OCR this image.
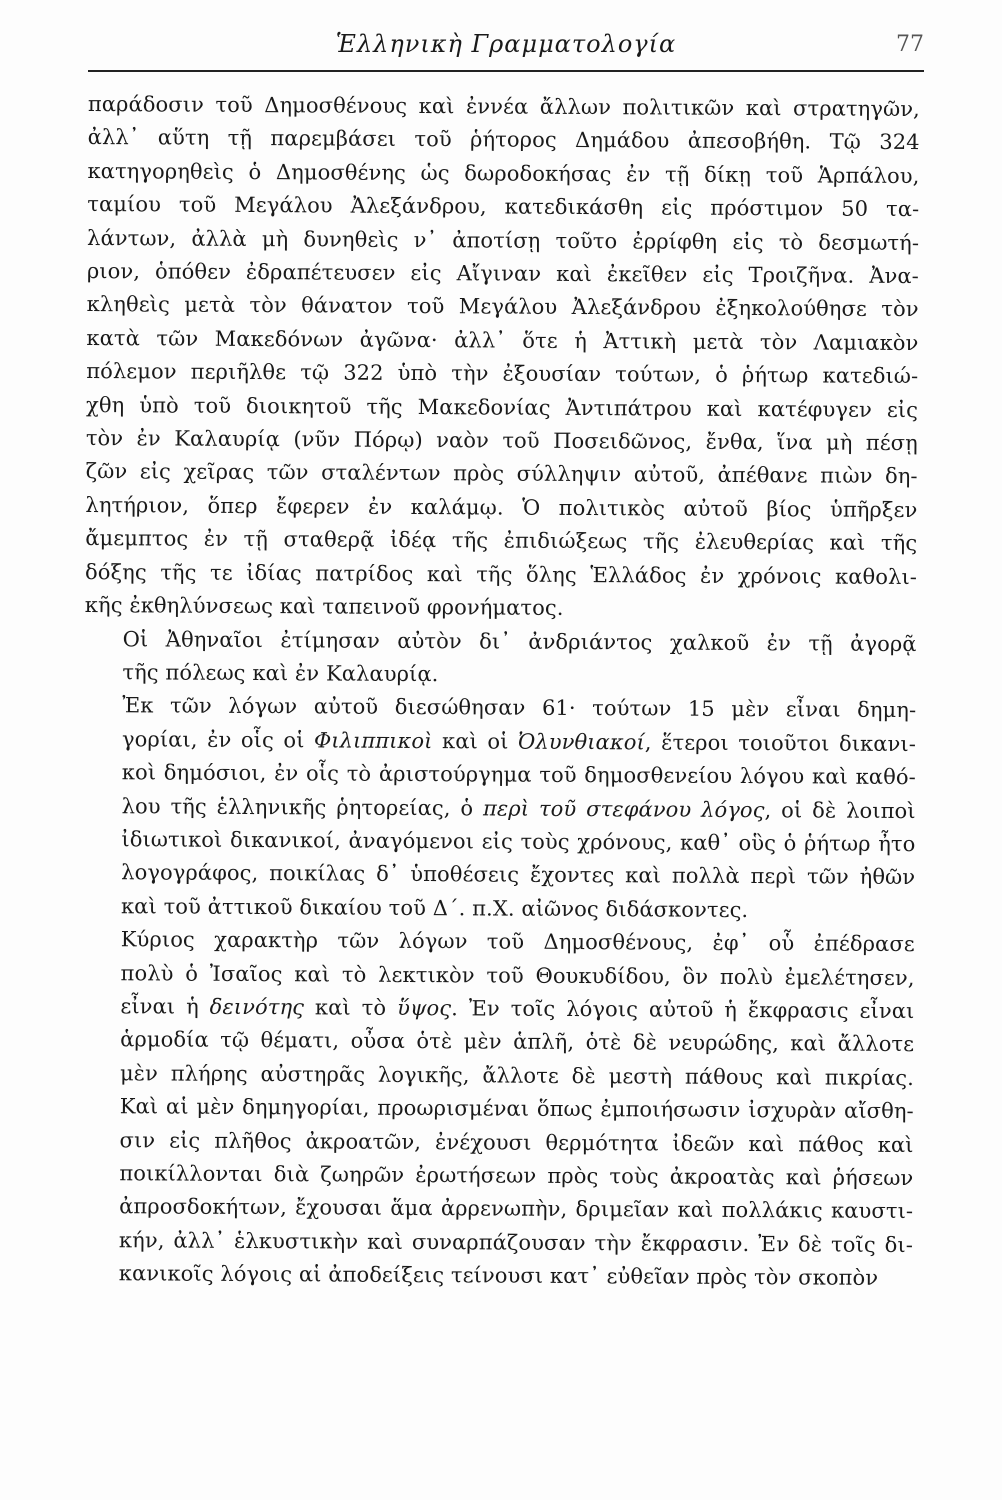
Ἑλληνικὴ Γραμματολογία	77
παράδοσιν τοῦ Δημοσθένους καὶ ἐννέα ἄλλων πολιτικῶν καὶ στρατηγῶν,
ἀλλ᾽ αὕτη τῇ παρεμβάσει τοῦ ῥήτορος Δημάδου ἀπεσοβήθη. Τῷ 324
κατηγορηθεὶς ὁ Δημοσθένης ὡς δωροδοκήσας ἐν τῇ δίκῃ τοῦ Ἁρπάλου,
ταμίου τοῦ Μεγάλου Ἀλεξάνδρου, κατεδικάσθη εἰς πρόστιμον 50 τα-
λάντων, ἀλλὰ μὴ δυνηθεὶς ν᾽ ἀποτίσῃ τοῦτο ἐρρίφθη εἰς τὸ δεσμωτή-
ριον, ὁπόθεν ἐδραπέτευσεν εἰς Αἴγιναν καὶ ἐκεῖθεν εἰς Τροιζῆνα. Ἀνα-
κληθεὶς μετὰ τὸν θάνατον τοῦ Μεγάλου Ἀλεξάνδρου ἐξηκολούθησε τὸν
κατὰ τῶν Μακεδόνων ἀγῶνα· ἀλλ᾽ ὅτε ἡ Ἀττικὴ μετὰ τὸν Λαμιακὸν
πόλεμον περιῆλθε τῷ 322 ὑπὸ τὴν ἐξουσίαν τούτων, ὁ ῥήτωρ κατεδιώ-
χθη ὑπὸ τοῦ διοικητοῦ τῆς Μακεδονίας Ἀντιπάτρου καὶ κατέφυγεν εἰς
τὸν ἐν Καλαυρίᾳ (νῦν Πόρῳ) ναὸν τοῦ Ποσειδῶνος, ἔνθα, ἵνα μὴ πέσῃ
ζῶν εἰς χεῖρας τῶν σταλέντων πρὸς σύλληψιν αὐτοῦ, ἀπέθανε πιὼν δη-
λητήριον, ὅπερ ἔφερεν ἐν καλάμῳ. Ὁ πολιτικὸς αὐτοῦ βίος ὑπῆρξεν
ἄμεμπτος ἐν τῇ σταθερᾷ ἰδέᾳ τῆς ἐπιδιώξεως τῆς ἐλευθερίας καὶ τῆς
δόξης τῆς τε ἰδίας πατρίδος καὶ τῆς ὅλης Ἑλλάδος ἐν χρόνοις καθολι-
κῆς ἐκθηλύνσεως καὶ ταπεινοῦ φρονήματος.
Οἱ Ἀθηναῖοι ἐτίμησαν αὐτὸν δι᾽ ἀνδριάντος χαλκοῦ ἐν τῇ ἀγορᾷ
τῆς πόλεως καὶ ἐν Καλαυρίᾳ.
Ἐκ τῶν λόγων αὐτοῦ διεσώθησαν 61· τούτων 15 μὲν εἶναι δημη-
γορίαι, ἐν οἷς οἱ Φιλιππικοὶ καὶ οἱ Ὀλυνθιακοί, ἕτεροι τοιοῦτοι δικανι-
κοὶ δημόσιοι, ἐν οἷς τὸ ἀριστούργημα τοῦ δημοσθενείου λόγου καὶ καθό-
λου τῆς ἑλληνικῆς ῥητορείας, ὁ περὶ τοῦ στεφάνου λόγος, οἱ δὲ λοιποὶ
ἰδιωτικοὶ δικανικοί, ἀναγόμενοι εἰς τοὺς χρόνους, καθ᾽ οὓς ὁ ῥήτωρ ἦτο
λογογράφος, ποικίλας δ᾽ ὑποθέσεις ἔχοντες καὶ πολλὰ περὶ τῶν ἠθῶν
καὶ τοῦ ἀττικοῦ δικαίου τοῦ Δ΄. π.Χ. αἰῶνος διδάσκοντες.
Κύριος χαρακτὴρ τῶν λόγων τοῦ Δημοσθένους, ἐφ᾽ οὗ ἐπέδρασε
πολὺ ὁ Ἰσαῖος καὶ τὸ λεκτικὸν τοῦ Θουκυδίδου, ὃν πολὺ ἐμελέτησεν,
εἶναι ἡ δεινότης καὶ τὸ ὕψος. Ἐν τοῖς λόγοις αὐτοῦ ἡ ἔκφρασις εἶναι
ἁρμοδία τῷ θέματι, οὖσα ὁτὲ μὲν ἁπλῆ, ὁτὲ δὲ νευρώδης, καὶ ἄλλοτε
μὲν πλήρης αὐστηρᾶς λογικῆς, ἄλλοτε δὲ μεστὴ πάθους καὶ πικρίας.
Καὶ αἱ μὲν δημηγορίαι, προωρισμέναι ὅπως ἐμποιήσωσιν ἰσχυρὰν αἴσθη-
σιν εἰς πλῆθος ἀκροατῶν, ἐνέχουσι θερμότητα ἰδεῶν καὶ πάθος καὶ
ποικίλλονται διὰ ζωηρῶν ἐρωτήσεων πρὸς τοὺς ἀκροατὰς καὶ ῥήσεων
ἀπροσδοκήτων, ἔχουσαι ἅμα ἀρρενωπὴν, δριμεῖαν καὶ πολλάκις καυστι-
κήν, ἀλλ᾽ ἑλκυστικὴν καὶ συναρπάζουσαν τὴν ἔκφρασιν. Ἐν δὲ τοῖς δι-
κανικοῖς λόγοις αἱ ἀποδείξεις τείνουσι κατ᾽ εὐθεῖαν πρὸς τὸν σκοπὸν
